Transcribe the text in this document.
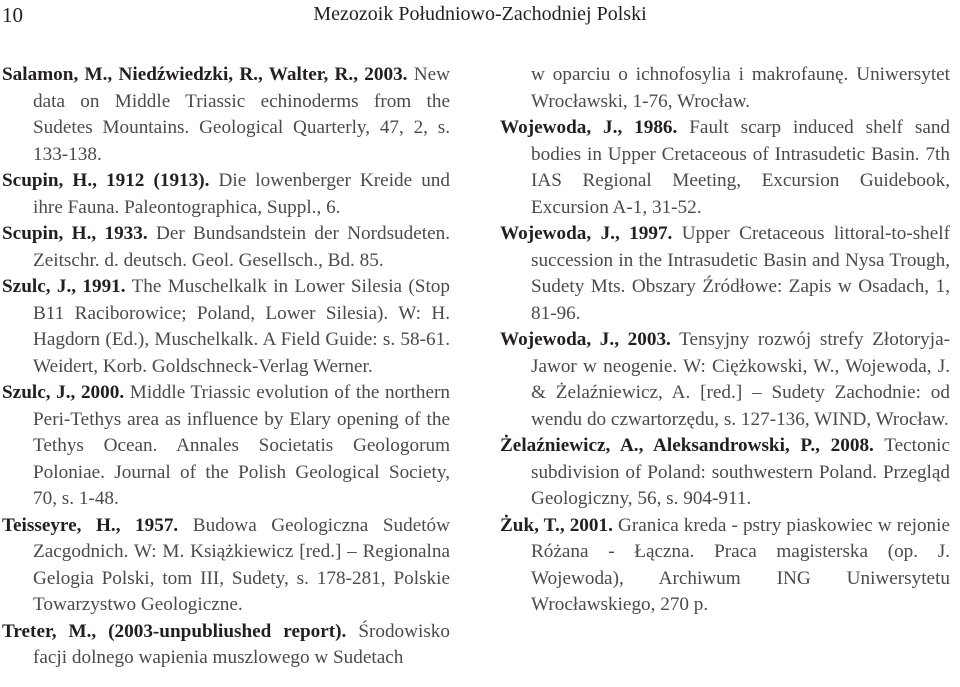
10	Mezozoik Południowo-Zachodniej Polski

Salamon, M., Niedźwiedzki, R., Walter, R., 2003. New data on Middle Triassic echinoderms from the Sudetes Mountains. Geological Quarterly, 47, 2, s. 133-138.

Scupin, H., 1912 (1913). Die lowenberger Kreide und ihre Fauna. Paleontographica, Suppl., 6.

Scupin, H., 1933. Der Bundsandstein der Nordsudeten. Zeitschr. d. deutsch. Geol. Gesellsch., Bd. 85.

Szulc, J., 1991. The Muschelkalk in Lower Silesia (Stop B11 Raciborowice; Poland, Lower Silesia). W: H. Hagdorn (Ed.), Muschelkalk. A Field Guide: s. 58-61. Weidert, Korb. Goldschneck-Verlag Werner.

Szulc, J., 2000. Middle Triassic evolution of the northern Peri-Tethys area as influence by Elary opening of the Tethys Ocean. Annales Societatis Geologorum Poloniae. Journal of the Polish Geological Society, 70, s. 1-48.

Teisseyre, H., 1957. Budowa Geologiczna Sudetów Zacgodnich. W: M. Książkiewicz [red.] – Regionalna Gelogia Polski, tom III, Sudety, s. 178-281, Polskie Towarzystwo Geologiczne.

Treter, M., (2003-unpubliushed report). Środowisko facji dolnego wapienia muszlowego w Sudetach

w oparciu o ichnofosylia i makrofaunę. Uniwersytet Wrocławski, 1-76, Wrocław.

Wojewoda, J., 1986. Fault scarp induced shelf sand bodies in Upper Cretaceous of Intrasudetic Basin. 7th IAS Regional Meeting, Excursion Guidebook, Excursion A-1, 31-52.

Wojewoda, J., 1997. Upper Cretaceous littoral-to-shelf succession in the Intrasudetic Basin and Nysa Trough, Sudety Mts. Obszary Źródłowe: Zapis w Osadach, 1, 81-96.

Wojewoda, J., 2003. Tensyjny rozwój strefy Złotoryja-Jawor w neogenie. W: Ciężkowski, W., Wojewoda, J. & Żelaźniewicz, A. [red.] – Sudety Zachodnie: od wendu do czwartorzędu, s. 127-136, WIND, Wrocław.

Żelaźniewicz, A., Aleksandrowski, P., 2008. Tectonic subdivision of Poland: southwestern Poland. Przegląd Geologiczny, 56, s. 904-911.

Żuk, T., 2001. Granica kreda - pstry piaskowiec w rejonie Różana - Łączna. Praca magisterska (op. J. Wojewoda), Archiwum ING Uniwersytetu Wrocławskiego, 270 p.
